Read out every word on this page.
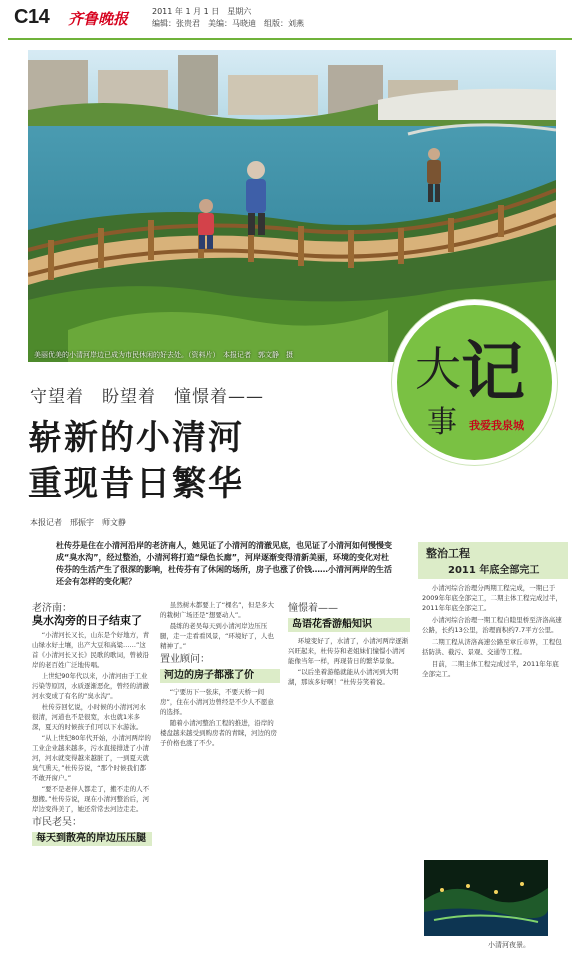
C14 齐鲁晚报	2011 年 1 月 1 日　星期六
编辑：张贵君　美编：马晓迪　组版：刘燕
美丽优美的小清河岸边已成为市民休闲的好去处。（资料片）　本报记者　郭文静　摄	大 记
事 我爱我泉城
守望着　盼望着　憧憬着——
崭新的小清河
重现昔日繁华
本报记者　邢振宇　师文静
杜传芬是住在小清河沿岸的老济南人，她见证了小清河的清澈见底，也见证了小清河如何慢慢变成“臭水沟”，经过整治，小清河将打造“绿色长廊”，河岸逐渐变得清新美丽，环境的变化对杜传芬的生活产生了很深的影响，杜传芬有了休闲的场所，房子也涨了价钱……小清河两岸的生活还会有怎样的变化呢？
整治工程
2011 年底全部完工

小清河综合治理分两期工程完成，一期已于2009年年底全部完工，二期主体工程完成过半，2011年年底全部完工。

小清河综合治理一期工程自睦里桥至济洛高速公路，长约13公里，治理面积约7.7平方公里。

二期工程从济洛高速公路至章丘市界，工程包括防洪、截污、景观、交通等工程。

目前，二期主体工程完成过半，2011年年底全部完工。

小清河夜景。
老济南：
臭水沟旁的日子结束了

“小清河长又长，山东是个好地方，青山绿水好土壤，出产大豆和高粱……”这首《小清河长又长》民歌的歌词，曾被沿岸的老百姓广泛地传唱。

上世纪90年代以来，小清河由于工业污染等原因，水质逐渐恶化，曾经的清澈河水变成了有名的“臭水沟”。

杜传芬回忆说，小时候的小清河河水很清，河道也不是很宽，水也就1米多深，夏天的时候孩子们可以下水游泳。

“从上世纪80年代开始，小清河两岸的工业企业越来越多，污水直接排进了小清河，河水就变得越来越脏了，一到夏天就臭气熏天，”杜传芬说，“那个时候我们都不敢开窗户。”

“要不是老伴人都走了，搬不走的人不想搬。”杜传芬说，现在小清河整治后，河岸边变得美了，她还常常去河边走走。

市民老吴：
每天到散亮的岸边压压腿

虽然树木都要上了“棵名”，但是多大的栽树广场还是“想要动人”。

晨练的老吴每天到小清河岸边压压腿，走一走看看风景，“环境好了，人也精神了。”

置业顾问：
河边的房子都涨了价

“宁要历下一张床，不要天桥一间房”，住在小清河边曾经是不少人不愿意的选择。

随着小清河整治工程的推进，沿岸的楼盘越来越受到购房者的青睐，河边的房子价格也涨了不少。

憧憬着——
岛语花香游船知识

环境变好了，水清了，小清河两岸逐渐兴旺起来，杜传芬和老姐妹们憧憬小清河能像当年一样，再现昔日的繁华景象。

“以后坐着游船就能从小清河到大明湖，那该多好啊！”杜传芬笑着说。
